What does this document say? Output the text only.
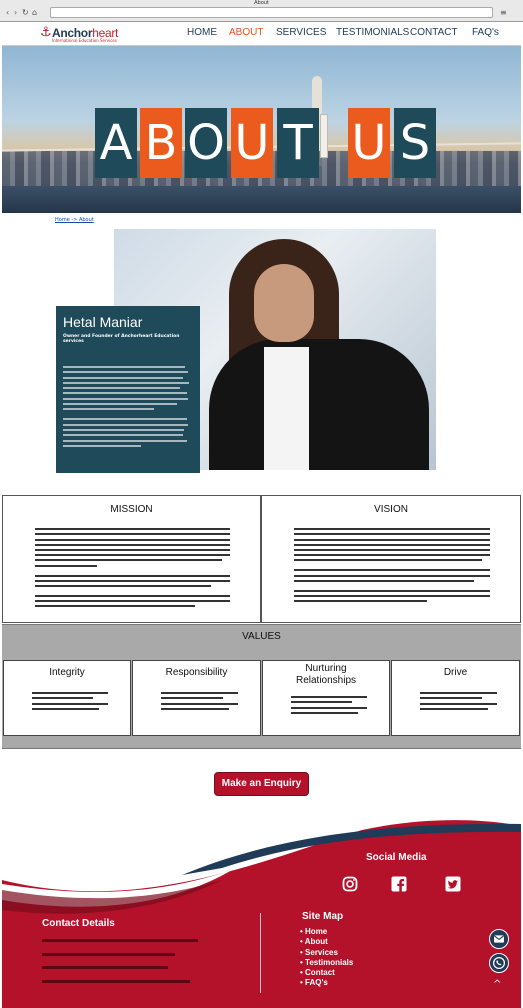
About
‹ › ↻ ⌂	≡
⚓ Anchorheart
International Education Services
HOME ABOUT SERVICES TESTIMONIALS CONTACT FAQ's
A B O U T U S
Home -> About
Hetal Maniar
Owner and Founder of Anchorheart Education services
MISSION	VISION
VALUES
Integrity	Responsibility	Nurturing Relationships
Drive
Make an Enquiry
Social Media
Contact Details
Site Map
• Home
• About
• Services
• Testimonials
• Contact
• FAQ's	^
